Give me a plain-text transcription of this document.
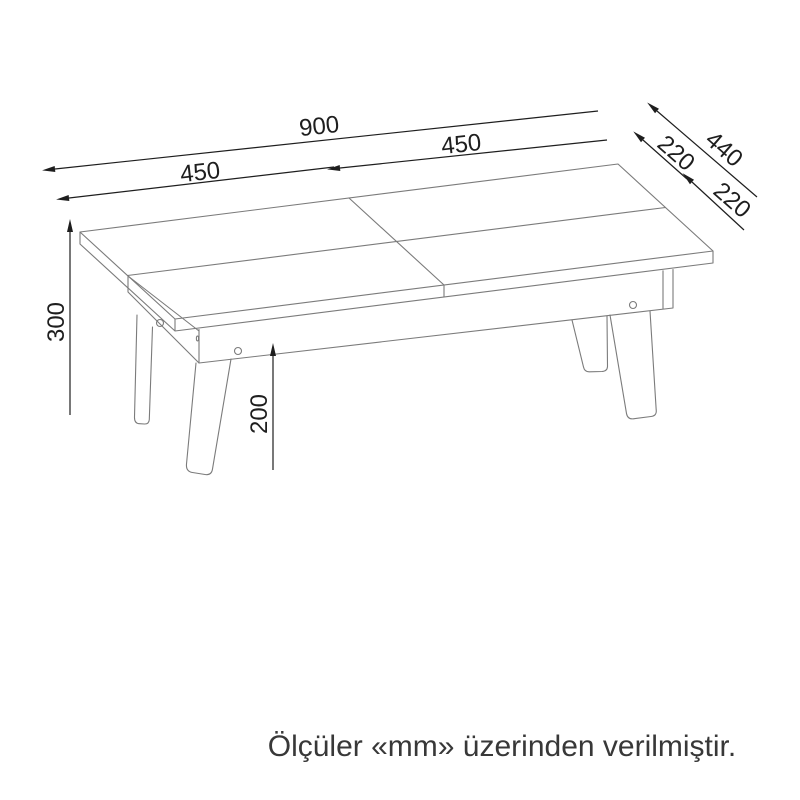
900
450
450	440
220
220
300
200
Ölçüler «mm» üzerinden verilmiştir.
